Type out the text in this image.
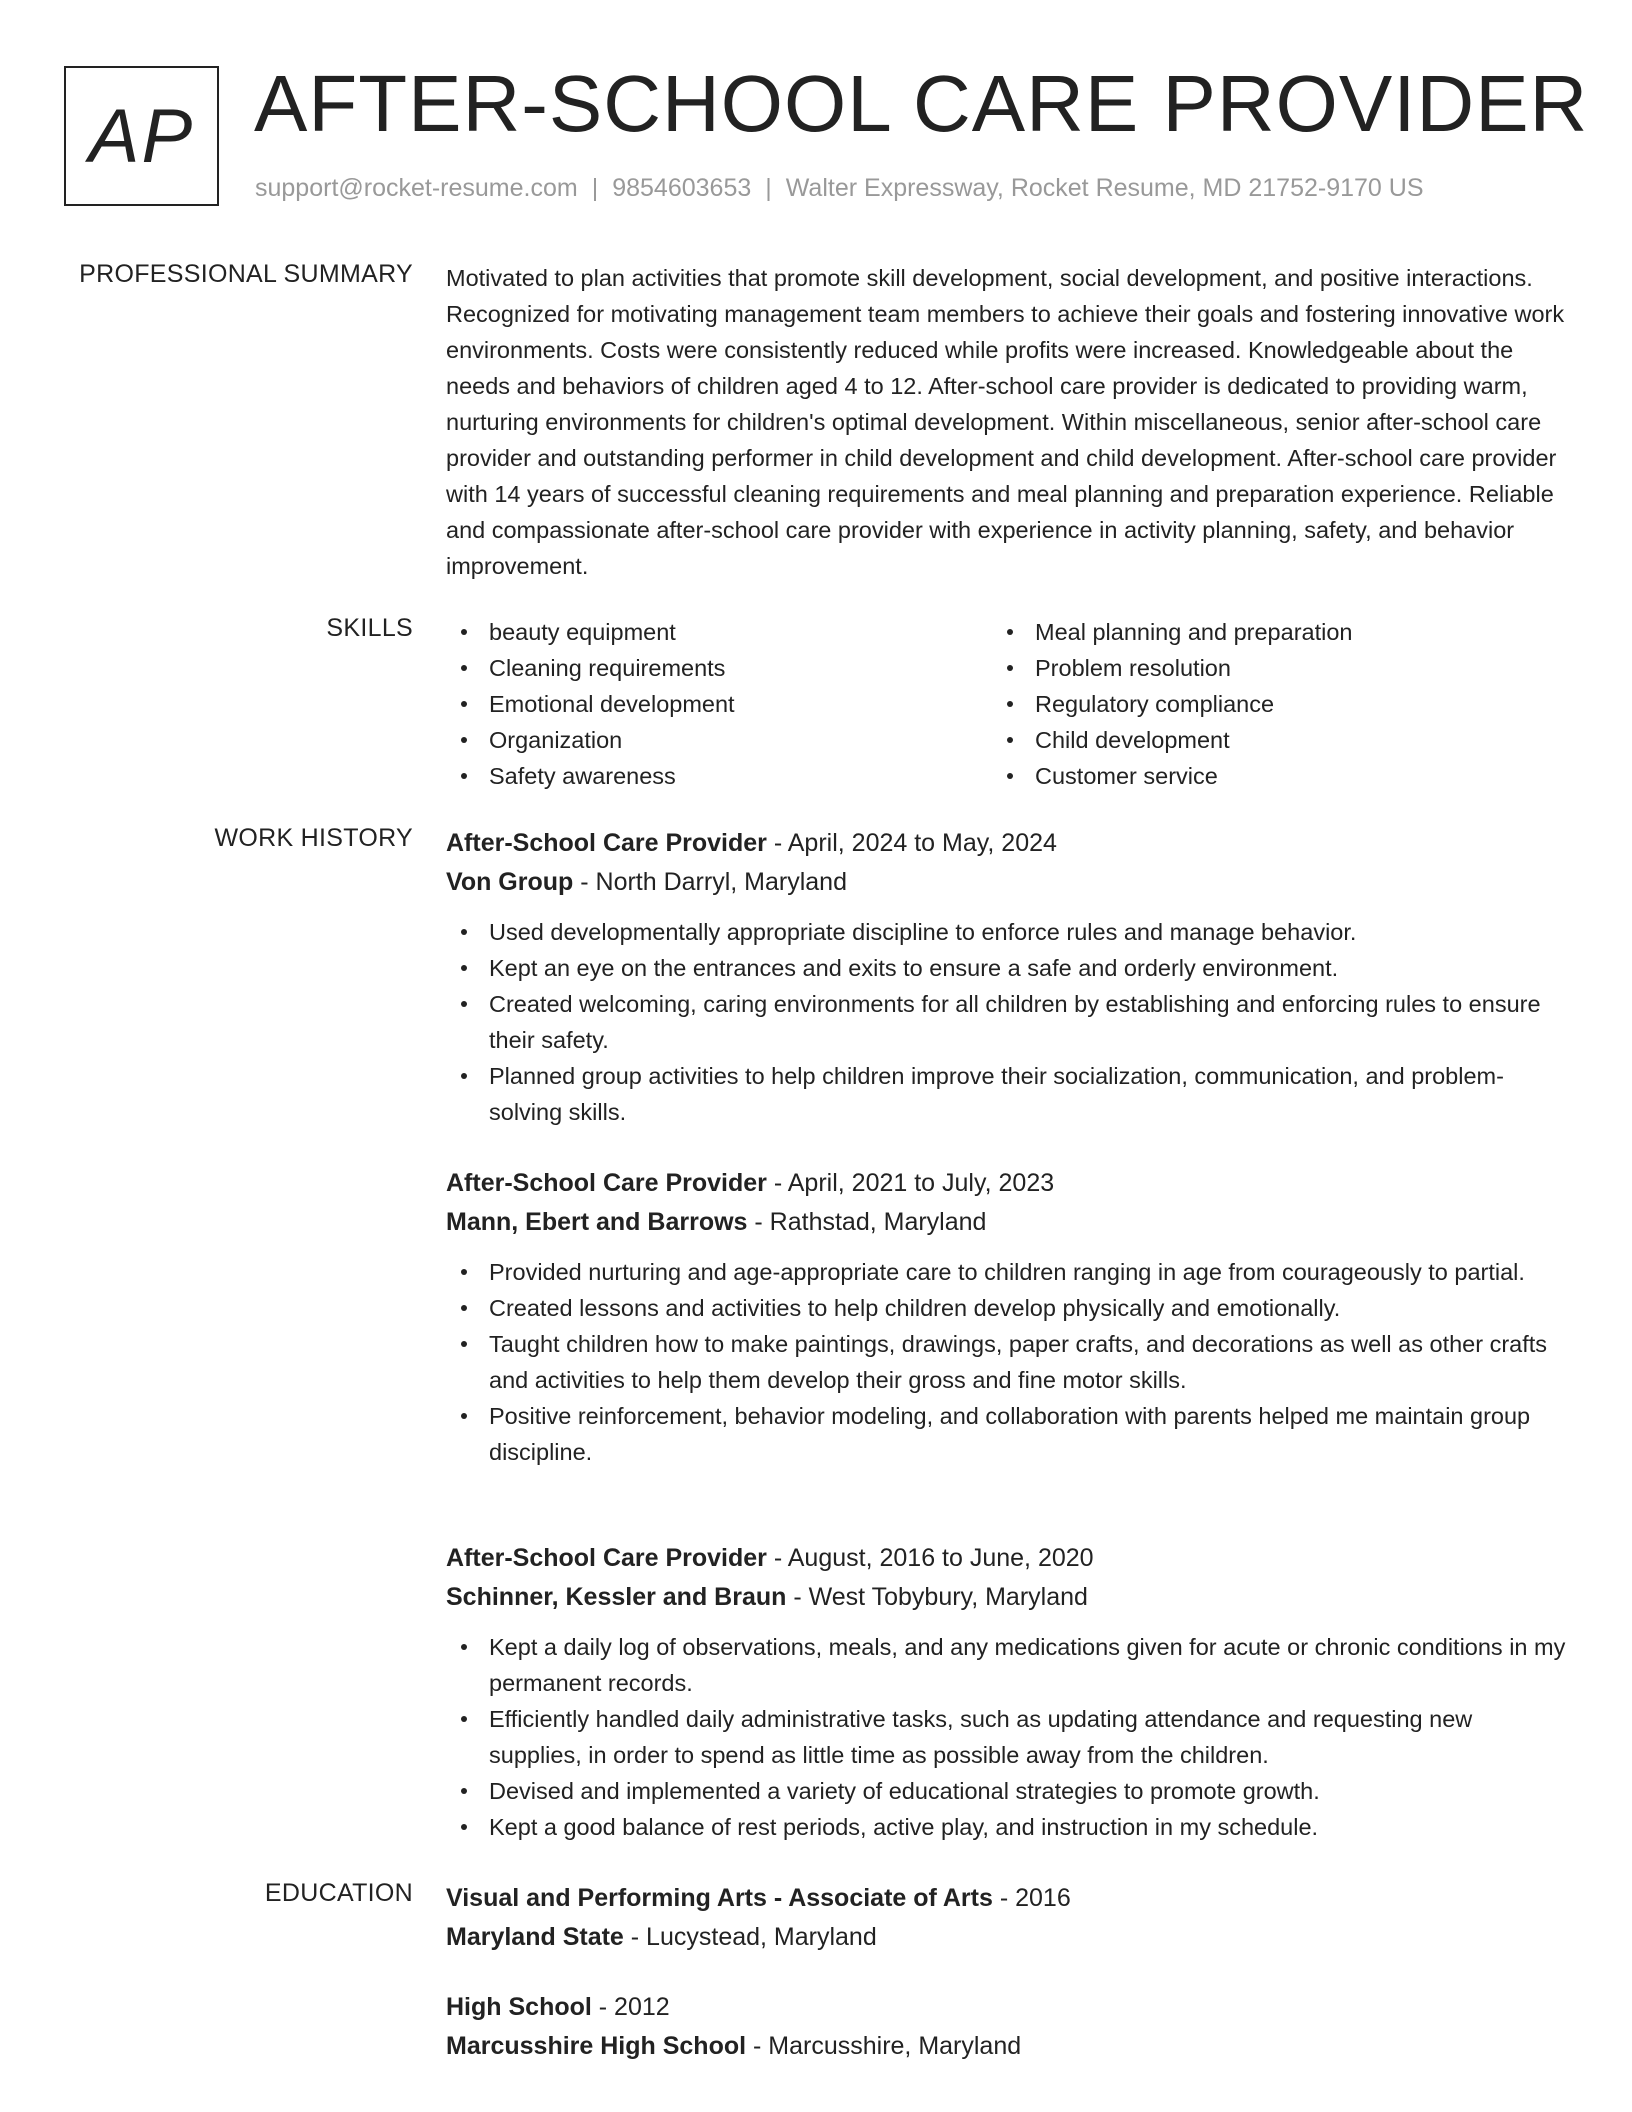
AP AFTER-SCHOOL CARE PROVIDER
support@rocket-resume.com | 9854603653 | Walter Expressway, Rocket Resume, MD 21752-9170 US
PROFESSIONAL SUMMARY Motivated to plan activities that promote skill development, social development, and positive interactions. Recognized for motivating management team members to achieve their goals and fostering innovative work environments. Costs were consistently reduced while profits were increased. Knowledgeable about the needs and behaviors of children aged 4 to 12. After-school care provider is dedicated to providing warm, nurturing environments for children's optimal development. Within miscellaneous, senior after-school care provider and outstanding performer in child development and child development. After-school care provider with 14 years of successful cleaning requirements and meal planning and preparation experience. Reliable and compassionate after-school care provider with experience in activity planning, safety, and behavior improvement.

SKILLS	beauty equipment
Cleaning requirements
Emotional development
Organization
Safety awareness
Meal planning and preparation
Problem resolution
Regulatory compliance
Child development
Customer service
WORK HISTORY After-School Care Provider - April, 2024 to May, 2024
Von Group - North Darryl, Maryland
Used developmentally appropriate discipline to enforce rules and manage behavior.
Kept an eye on the entrances and exits to ensure a safe and orderly environment.
Created welcoming, caring environments for all children by establishing and enforcing rules to ensure their safety.
Planned group activities to help children improve their socialization, communication, and problem-solving skills.
After-School Care Provider - April, 2021 to July, 2023
Mann, Ebert and Barrows - Rathstad, Maryland
Provided nurturing and age-appropriate care to children ranging in age from courageously to partial.
Created lessons and activities to help children develop physically and emotionally.
Taught children how to make paintings, drawings, paper crafts, and decorations as well as other crafts and activities to help them develop their gross and fine motor skills.
Positive reinforcement, behavior modeling, and collaboration with parents helped me maintain group discipline.
After-School Care Provider - August, 2016 to June, 2020
Schinner, Kessler and Braun - West Tobybury, Maryland
Kept a daily log of observations, meals, and any medications given for acute or chronic conditions in my permanent records.
Efficiently handled daily administrative tasks, such as updating attendance and requesting new supplies, in order to spend as little time as possible away from the children.
Devised and implemented a variety of educational strategies to promote growth.
Kept a good balance of rest periods, active play, and instruction in my schedule.
EDUCATION Visual and Performing Arts - Associate of Arts - 2016
Maryland State - Lucystead, Maryland
High School - 2012
Marcusshire High School - Marcusshire, Maryland
